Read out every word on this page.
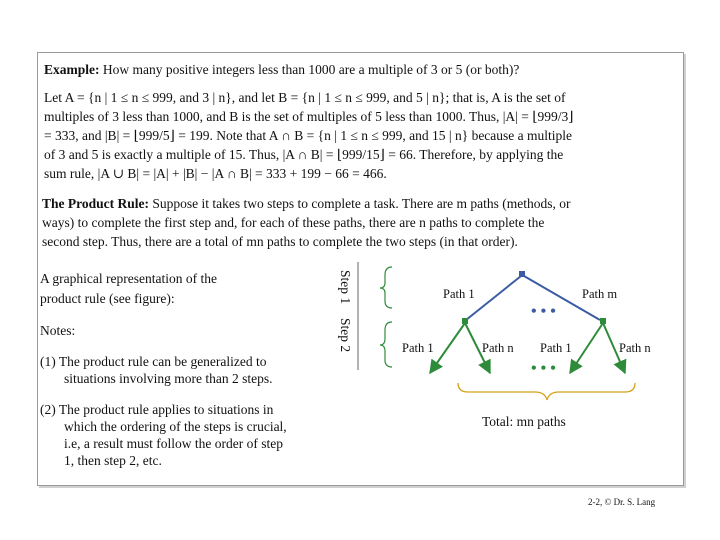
Example: How many positive integers less than 1000 are a multiple of 3 or 5 (or both)?
Let A = {n | 1 ≤ n ≤ 999, and 3 | n}, and let B = {n | 1 ≤ n ≤ 999, and 5 | n}; that is, A is the set of
multiples of 3 less than 1000, and B is the set of multiples of 5 less than 1000. Thus, |A| = ⌊999/3⌋
= 333, and |B| = ⌊999/5⌋ = 199. Note that A ∩ B = {n | 1 ≤ n ≤ 999, and 15 | n} because a multiple
of 3 and 5 is exactly a multiple of 15. Thus, |A ∩ B| = ⌊999/15⌋ = 66. Therefore, by applying the
sum rule, |A ∪ B| = |A| + |B| − |A ∩ B| = 333 + 199 − 66 = 466.
The Product Rule: Suppose it takes two steps to complete a task. There are m paths (methods, or
ways) to complete the first step and, for each of these paths, there are n paths to complete the
second step. Thus, there are a total of mn paths to complete the two steps (in that order).
A graphical representation of the
product rule (see figure):
Notes:
(1) The product rule can be generalized to
situations involving more than 2 steps.
(2) The product rule applies to situations in
which the ordering of the steps is crucial,
i.e, a result must follow the order of step
1, then step 2, etc.
Step 1
Step 2
Path 1	Path m
• • •
Path 1	Path n Path 1	Path n
• • •
Total: mn paths
2-2, © Dr. S. Lang
